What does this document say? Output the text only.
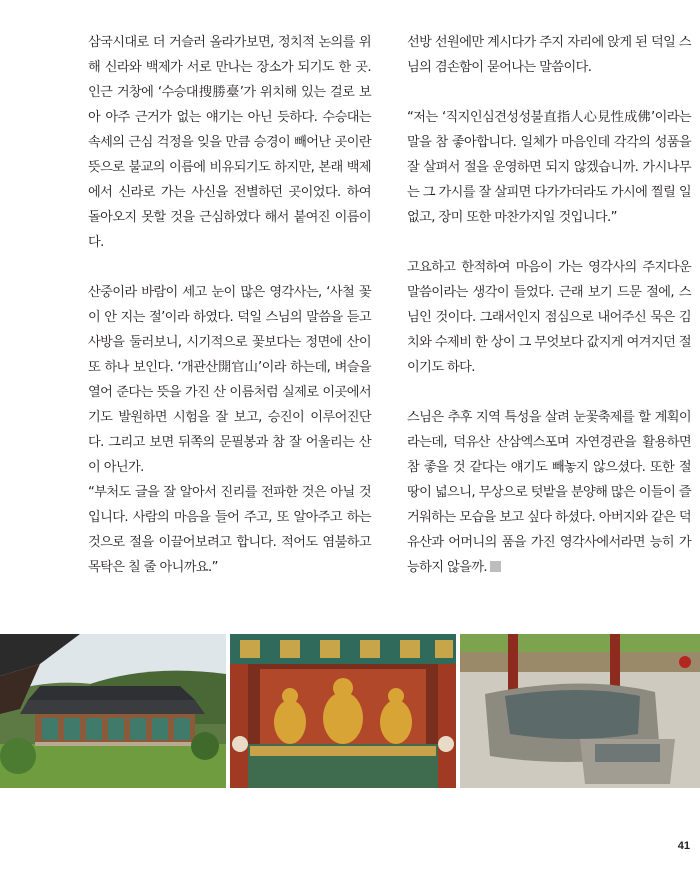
삼국시대로 더 거슬러 올라가보면, 정치적 논의를 위해 신라와 백제가 서로 만나는 장소가 되기도 한 곳. 인근 거창에 ‘수승대搜勝臺’가 위치해 있는 걸로 보아 아주 근거가 없는 얘기는 아닌 듯하다. 수승대는 속세의 근심 걱정을 잊을 만큼 승경이 빼어난 곳이란 뜻으로 불교의 이름에 비유되기도 하지만, 본래 백제에서 신라로 가는 사신을 전별하던 곳이었다. 하여 돌아오지 못할 것을 근심하였다 해서 붙여진 이름이다.

산중이라 바람이 세고 눈이 많은 영각사는, ‘사철 꽃이 안 지는 절’이라 하였다. 덕일 스님의 말씀을 듣고 사방을 둘러보니, 시기적으로 꽃보다는 정면에 산이 또 하나 보인다. ‘개관산開官山’이라 하는데, 벼슬을 열어 준다는 뜻을 가진 산 이름처럼 실제로 이곳에서 기도 발원하면 시험을 잘 보고, 승진이 이루어진단다. 그리고 보면 뒤쪽의 문필봉과 참 잘 어울리는 산이 아닌가.

“부처도 글을 잘 알아서 진리를 전파한 것은 아닐 것입니다. 사람의 마음을 들어 주고, 또 알아주고 하는 것으로 절을 이끌어보려고 합니다. 적어도 염불하고 목탁은 칠 줄 아니까요.”

선방 선원에만 계시다가 주지 자리에 앉게 된 덕일 스님의 겸손함이 묻어나는 말씀이다.

“저는 ‘직지인심견성성불直指人心見性成佛’이라는 말을 참 좋아합니다. 일체가 마음인데 각각의 성품을 잘 살펴서 절을 운영하면 되지 않겠습니까. 가시나무는 그 가시를 잘 살피면 다가가더라도 가시에 찔릴 일 없고, 장미 또한 마찬가지일 것입니다.”

고요하고 한적하여 마음이 가는 영각사의 주지다운 말씀이라는 생각이 들었다. 근래 보기 드문 절에, 스님인 것이다. 그래서인지 점심으로 내어주신 묵은 김치와 수제비 한 상이 그 무엇보다 값지게 여겨지던 절이기도 하다.

스님은 추후 지역 특성을 살려 눈꽃축제를 할 계획이라는데, 덕유산 산삼엑스포며 자연경관을 활용하면 참 좋을 것 같다는 얘기도 빼놓지 않으셨다. 또한 절 땅이 넓으니, 무상으로 텃밭을 분양해 많은 이들이 즐거워하는 모습을 보고 싶다 하셨다. 아버지와 같은 덕유산과 어머니의 품을 가진 영각사에서라면 능히 가능하지 않을까.

41
